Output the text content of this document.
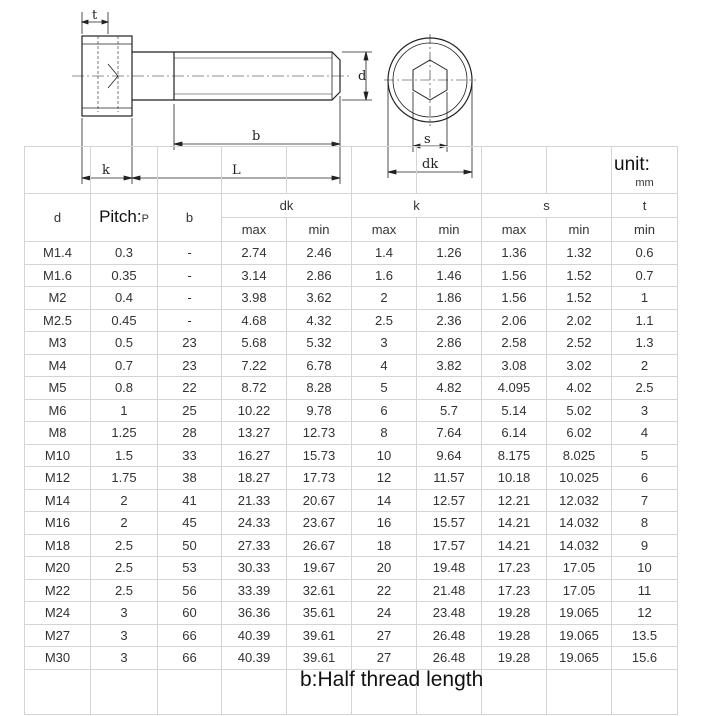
t
b
k	L
d
s
dk

									unit:
mm

d	Pitch:P	b	dk		k		s		t
			max	min	max	min	max	min	min
M1.4	0.3	-	2.74	2.46	1.4	1.26	1.36	1.32	0.6
M1.6	0.35	-	3.14	2.86	1.6	1.46	1.56	1.52	0.7
M2	0.4	-	3.98	3.62	2	1.86	1.56	1.52	1
M2.5	0.45	-	4.68	4.32	2.5	2.36	2.06	2.02	1.1
M3	0.5	23	5.68	5.32	3	2.86	2.58	2.52	1.3
M4	0.7	23	7.22	6.78	4	3.82	3.08	3.02	2
M5	0.8	22	8.72	8.28	5	4.82	4.095	4.02	2.5
M6	1	25	10.22	9.78	6	5.7	5.14	5.02	3
M8	1.25	28	13.27	12.73	8	7.64	6.14	6.02	4
M10	1.5	33	16.27	15.73	10	9.64	8.175	8.025	5
M12	1.75	38	18.27	17.73	12	11.57	10.18	10.025	6
M14	2	41	21.33	20.67	14	12.57	12.21	12.032	7
M16	2	45	24.33	23.67	16	15.57	14.21	14.032	8
M18	2.5	50	27.33	26.67	18	17.57	14.21	14.032	9
M20	2.5	53	30.33	19.67	20	19.48	17.23	17.05	10
M22	2.5	56	33.39	32.61	22	21.48	17.23	17.05	11
M24	3	60	36.36	35.61	24	23.48	19.28	19.065	12
M27	3	66	40.39	39.61	27	26.48	19.28	19.065	13.5
M30	3	66	40.39	39.61	27	26.48	19.28	19.065	15.6

b:Half thread length
